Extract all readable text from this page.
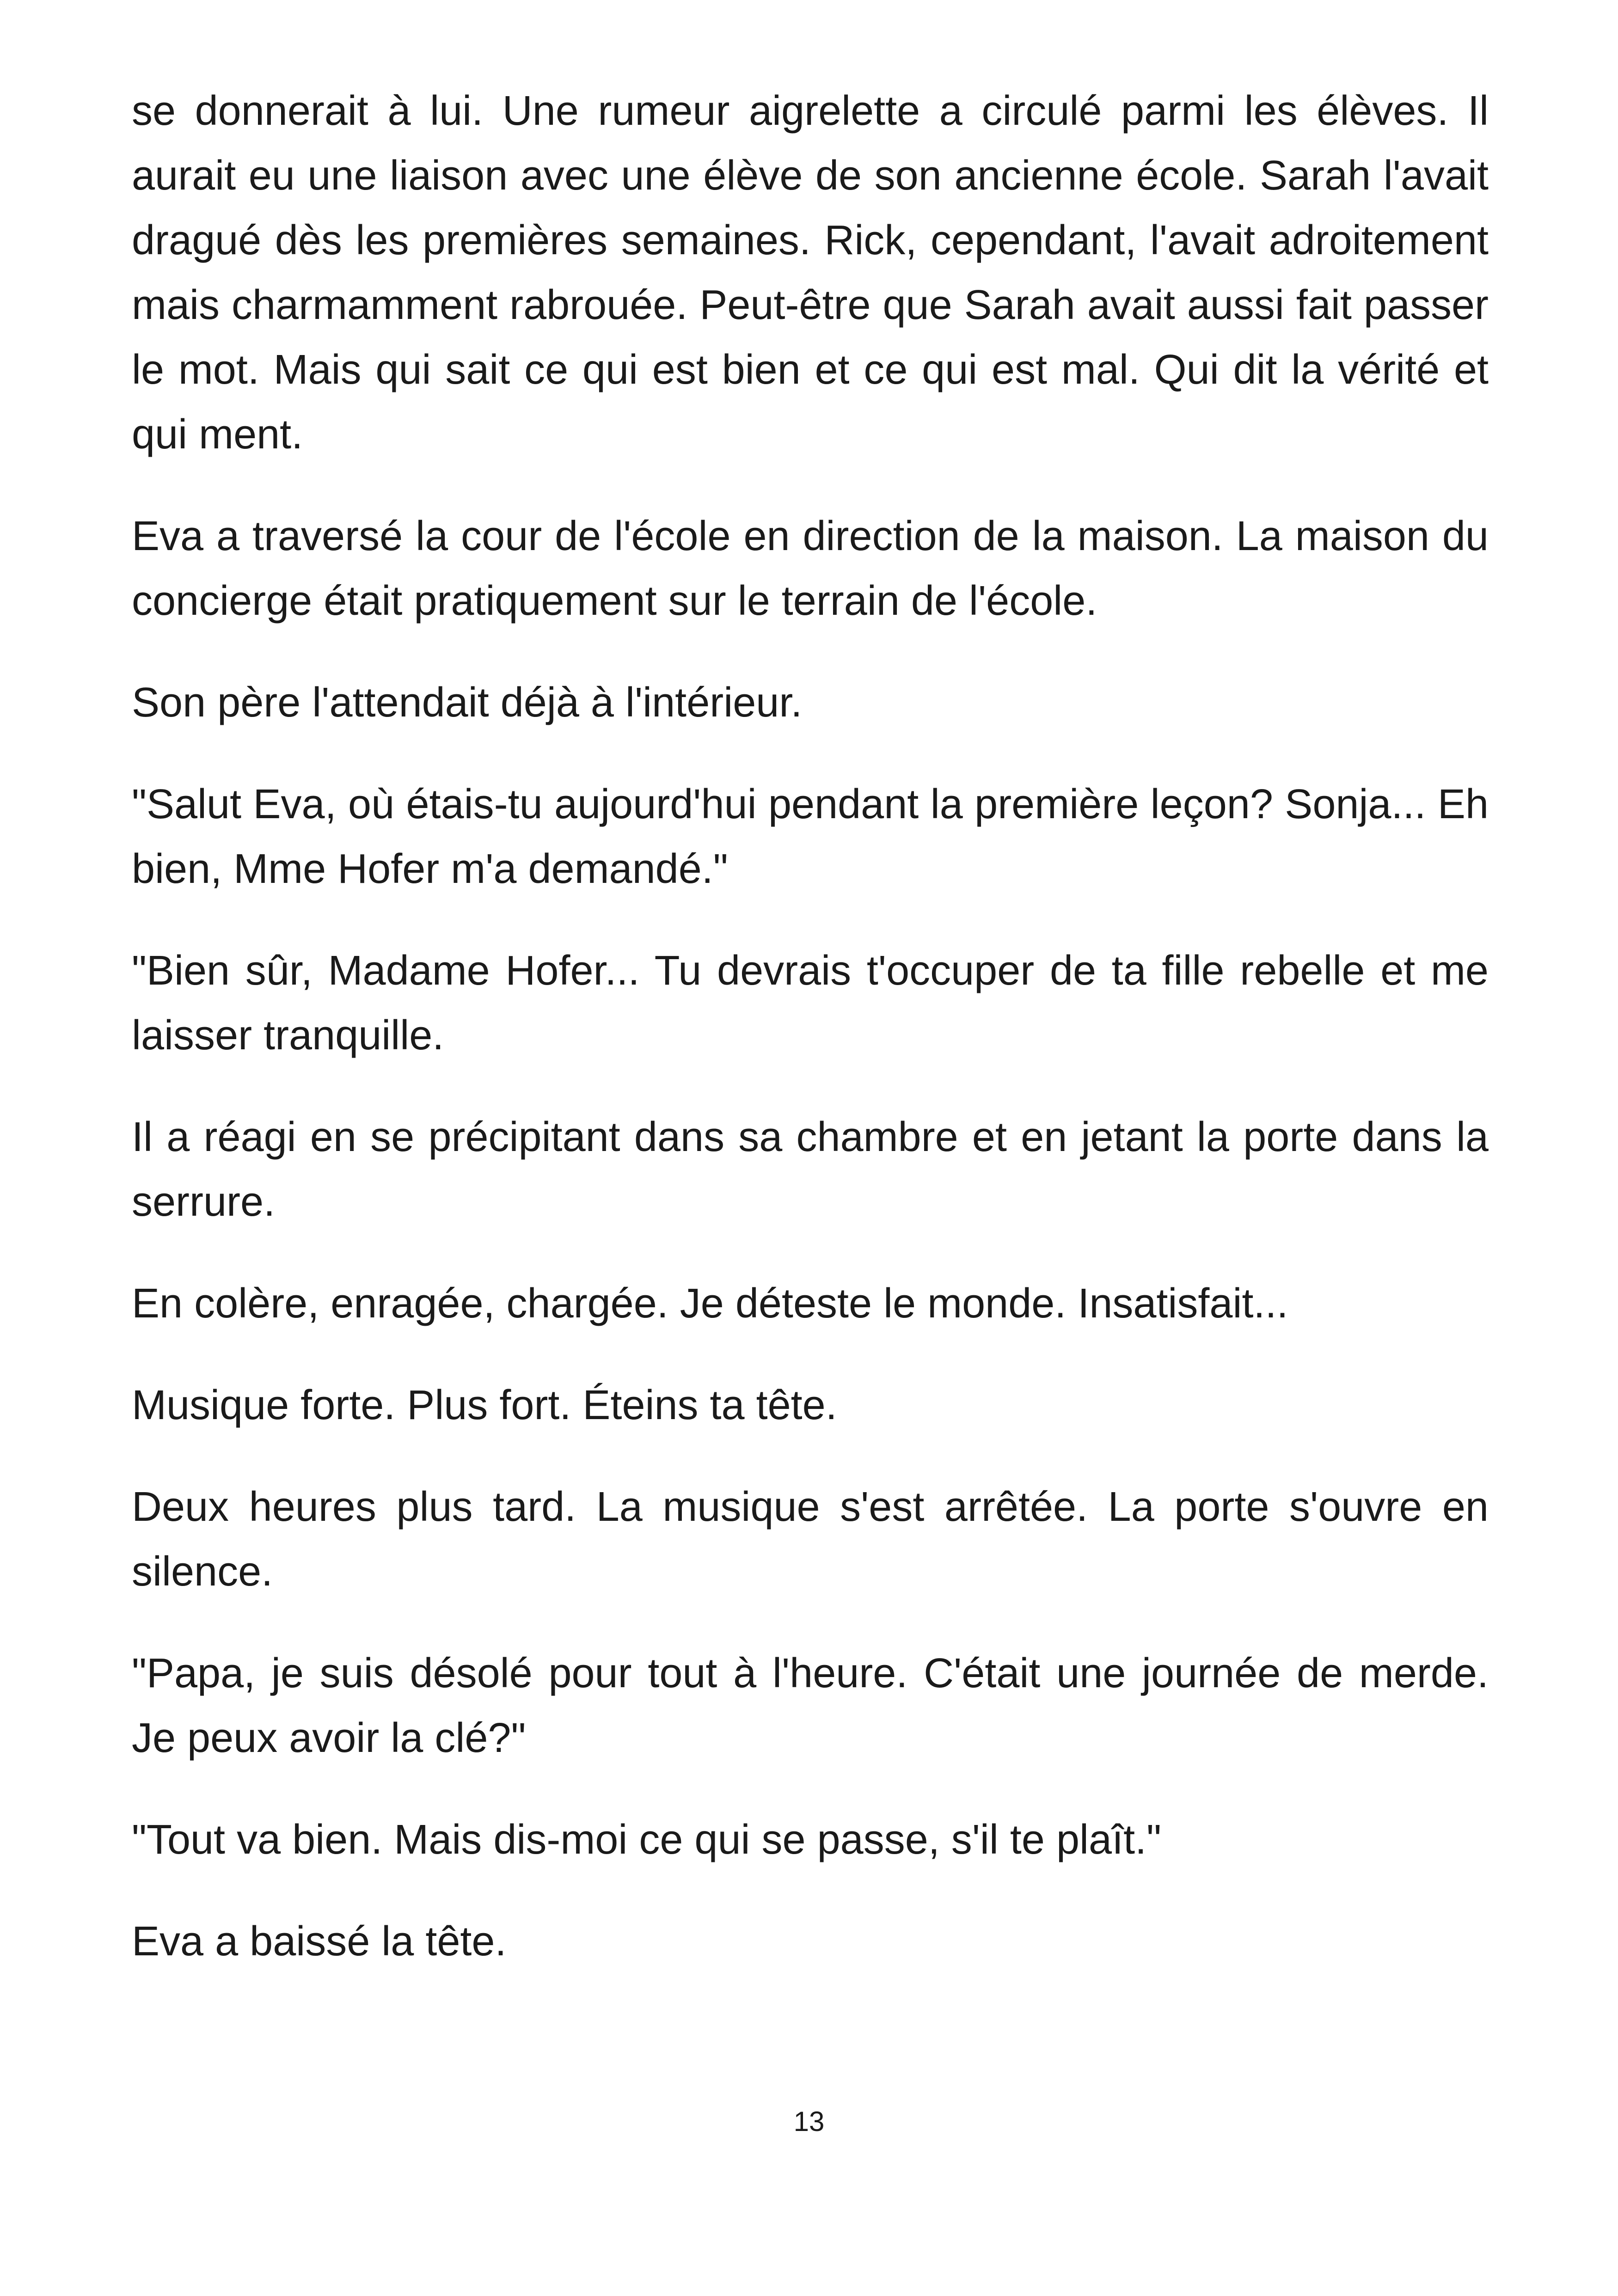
se donnerait à lui. Une rumeur aigrelette a circulé parmi les élèves. Il aurait eu une liaison avec une élève de son ancienne école. Sarah l'avait dragué dès les premières semaines. Rick, cependant, l'avait adroitement mais charmamment rabrouée. Peut-être que Sarah avait aussi fait passer le mot. Mais qui sait ce qui est bien et ce qui est mal. Qui dit la vérité et qui ment.

Eva a traversé la cour de l'école en direction de la maison. La maison du concierge était pratiquement sur le terrain de l'école.

Son père l'attendait déjà à l'intérieur.

"Salut Eva, où étais-tu aujourd'hui pendant la première leçon? Sonja... Eh bien, Mme Hofer m'a demandé."

"Bien sûr, Madame Hofer... Tu devrais t'occuper de ta fille rebelle et me laisser tranquille.

Il a réagi en se précipitant dans sa chambre et en jetant la porte dans la serrure.

En colère, enragée, chargée. Je déteste le monde. Insatisfait...

Musique forte. Plus fort. Éteins ta tête.

Deux heures plus tard. La musique s'est arrêtée. La porte s'ouvre en silence.

"Papa, je suis désolé pour tout à l'heure. C'était une journée de merde. Je peux avoir la clé?"

"Tout va bien. Mais dis-moi ce qui se passe, s'il te plaît."

Eva a baissé la tête.

13
